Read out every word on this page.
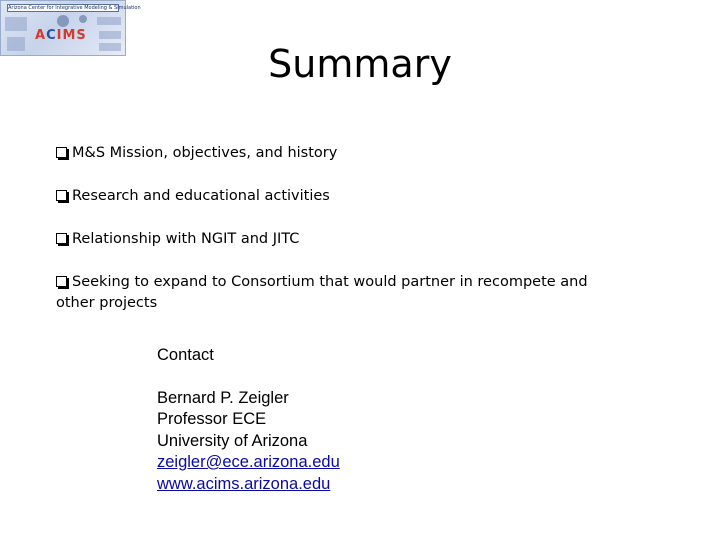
Arizona Center for Integrative Modeling & Simulation
ACIMS
Summary
M&S Mission, objectives, and history
Research and educational activities
Relationship with NGIT and JITC
Seeking to expand to Consortium that would partner in recompete and other projects
Contact
Bernard P. Zeigler
Professor ECE
University of Arizona
zeigler@ece.arizona.edu
www.acims.arizona.edu
